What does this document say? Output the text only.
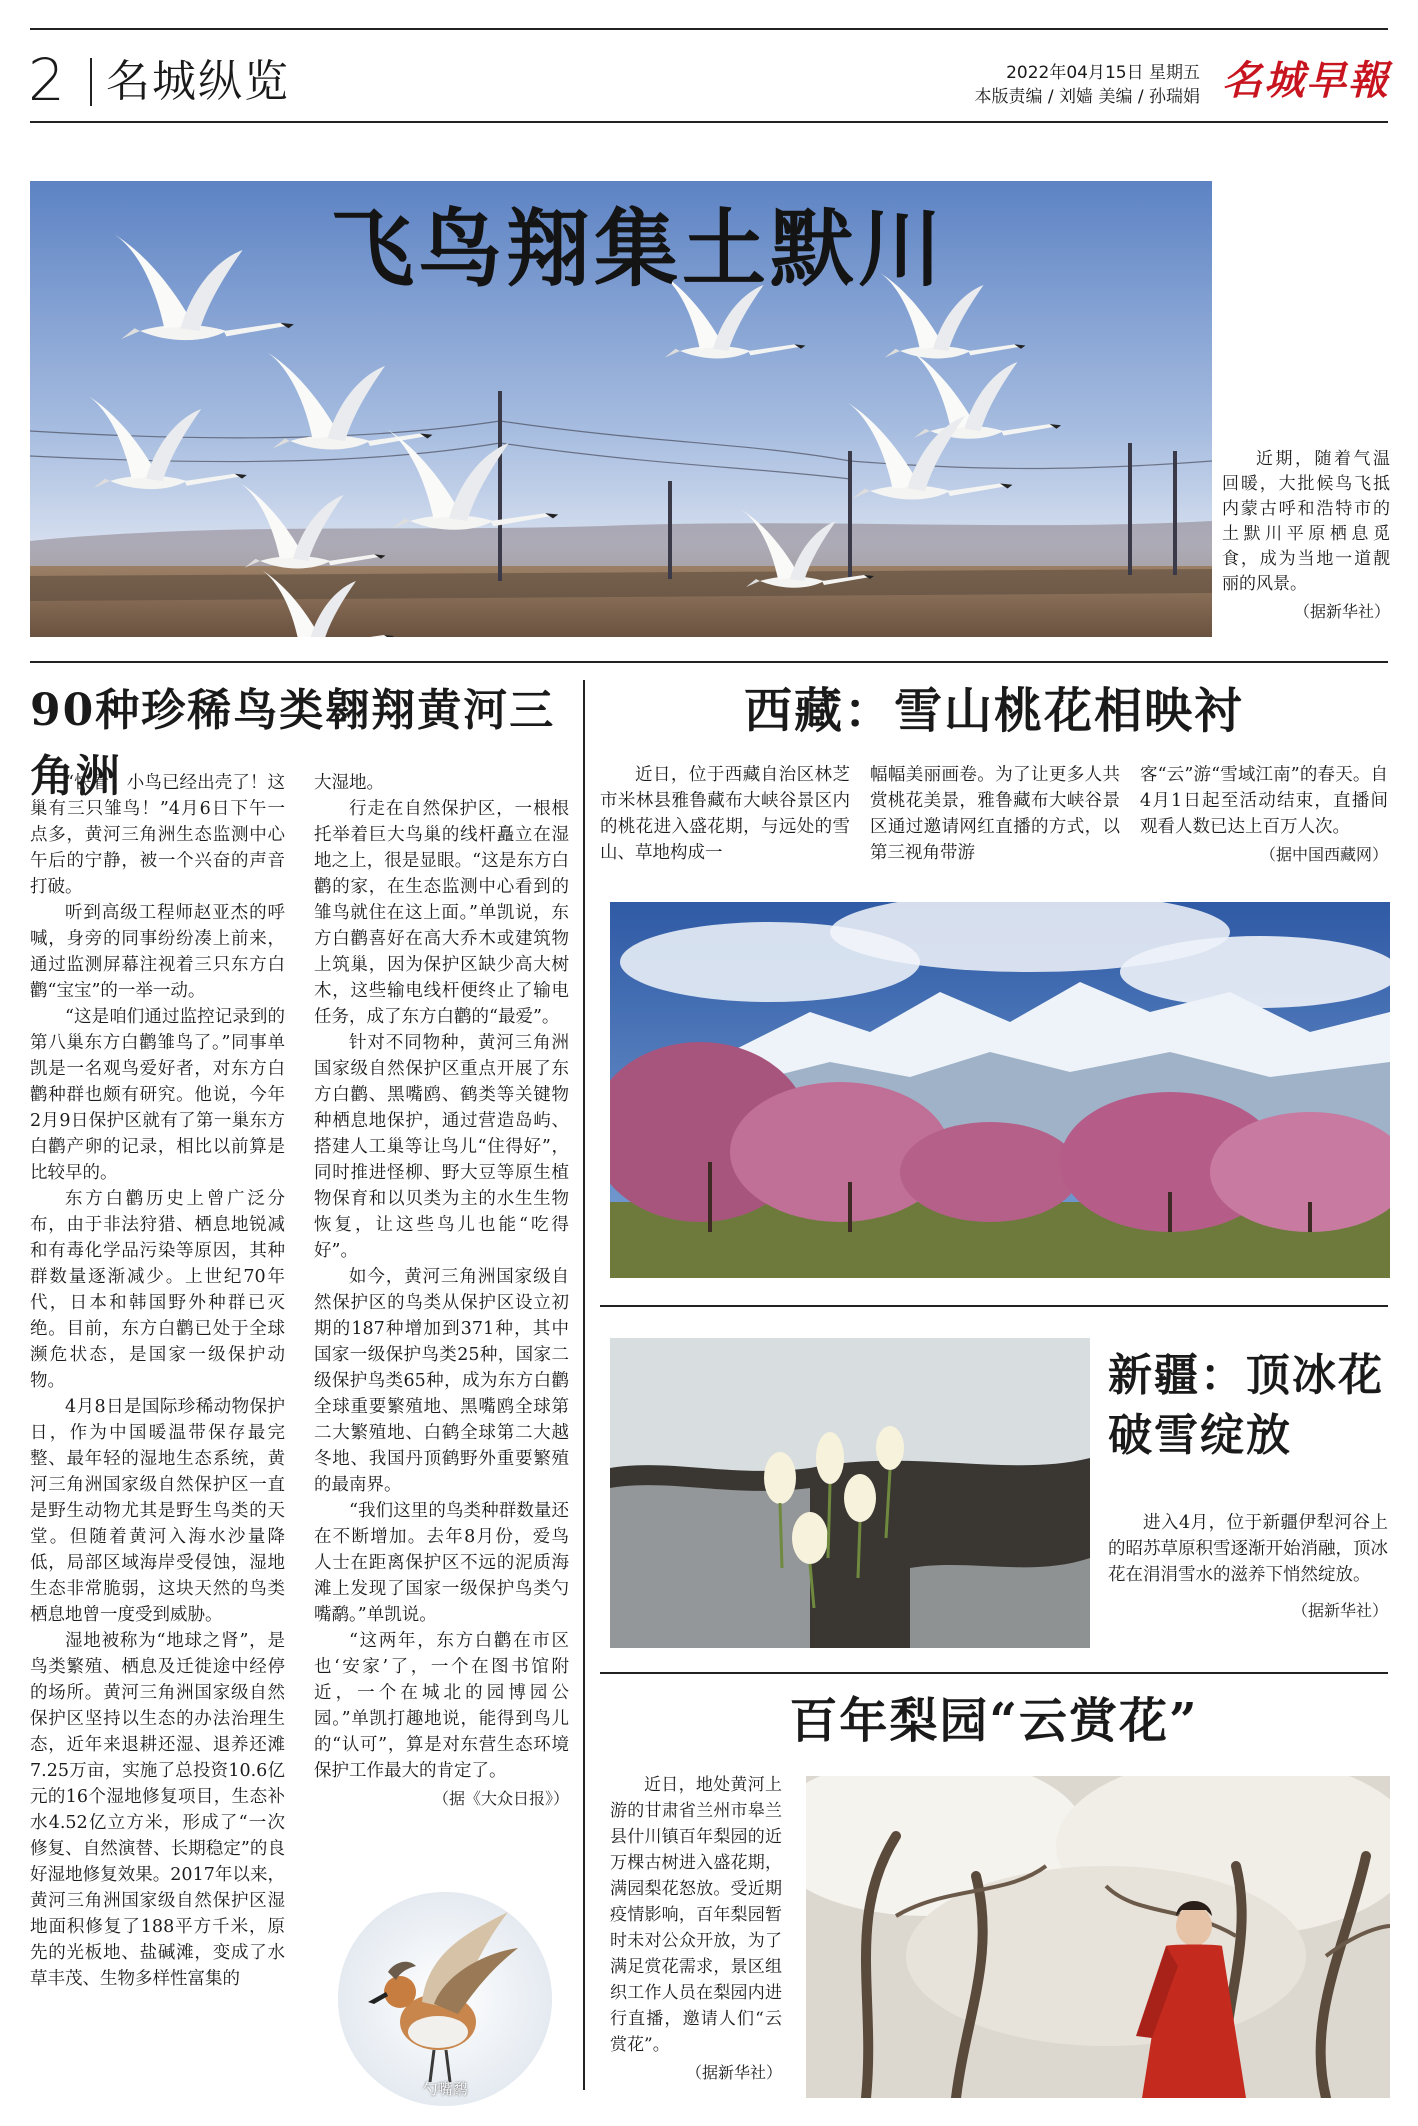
2 名城纵览	2022年04月15日 星期五
本版责编 / 刘嫱 美编 / 孙瑞娟 名城早報
飞鸟翔集土默川

近期，随着气温回暖，大批候鸟飞抵内蒙古呼和浩特市的土默川平原栖息觅食，成为当地一道靓丽的风景。

（据新华社）
90种珍稀鸟类翱翔黄河三角洲

“快看！小鸟已经出壳了！这巢有三只雏鸟！”4月6日下午一点多，黄河三角洲生态监测中心午后的宁静，被一个兴奋的声音打破。

听到高级工程师赵亚杰的呼喊，身旁的同事纷纷凑上前来，通过监测屏幕注视着三只东方白鹳“宝宝”的一举一动。

“这是咱们通过监控记录到的第八巢东方白鹳雏鸟了。”同事单凯是一名观鸟爱好者，对东方白鹳种群也颇有研究。他说，今年2月9日保护区就有了第一巢东方白鹳产卵的记录，相比以前算是比较早的。

东方白鹳历史上曾广泛分布，由于非法狩猎、栖息地锐减和有毒化学品污染等原因，其种群数量逐渐减少。上世纪70年代，日本和韩国野外种群已灭绝。目前，东方白鹳已处于全球濒危状态，是国家一级保护动物。

4月8日是国际珍稀动物保护日，作为中国暖温带保存最完整、最年轻的湿地生态系统，黄河三角洲国家级自然保护区一直是野生动物尤其是野生鸟类的天堂。但随着黄河入海水沙量降低，局部区域海岸受侵蚀，湿地生态非常脆弱，这块天然的鸟类栖息地曾一度受到威胁。

湿地被称为“地球之肾”，是鸟类繁殖、栖息及迁徙途中经停的场所。黄河三角洲国家级自然保护区坚持以生态的办法治理生态，近年来退耕还湿、退养还滩7.25万亩，实施了总投资10.6亿元的16个湿地修复项目，生态补水4.52亿立方米，形成了“一次修复、自然演替、长期稳定”的良好湿地修复效果。2017年以来，黄河三角洲国家级自然保护区湿地面积修复了188平方千米，原先的光板地、盐碱滩，变成了水草丰茂、生物多样性富集的

大湿地。

行走在自然保护区，一根根托举着巨大鸟巢的线杆矗立在湿地之上，很是显眼。“这是东方白鹳的家，在生态监测中心看到的雏鸟就住在这上面。”单凯说，东方白鹳喜好在高大乔木或建筑物上筑巢，因为保护区缺少高大树木，这些输电线杆便终止了输电任务，成了东方白鹳的“最爱”。

针对不同物种，黄河三角洲国家级自然保护区重点开展了东方白鹳、黑嘴鸥、鹤类等关键物种栖息地保护，通过营造岛屿、搭建人工巢等让鸟儿“住得好”，同时推进怪柳、野大豆等原生植物保育和以贝类为主的水生生物恢复，让这些鸟儿也能“吃得好”。

如今，黄河三角洲国家级自然保护区的鸟类从保护区设立初期的187种增加到371种，其中国家一级保护鸟类25种，国家二级保护鸟类65种，成为东方白鹳全球重要繁殖地、黑嘴鸥全球第二大繁殖地、白鹤全球第二大越冬地、我国丹顶鹤野外重要繁殖的最南界。

“我们这里的鸟类种群数量还在不断增加。去年8月份，爱鸟人士在距离保护区不远的泥质海滩上发现了国家一级保护鸟类勺嘴鹬。”单凯说。

“这两年，东方白鹳在市区也‘安家’了，一个在图书馆附近，一个在城北的园博园公园。”单凯打趣地说，能得到鸟儿的“认可”，算是对东营生态环境保护工作最大的肯定了。

（据《大众日报》）
勺嘴鹬
西藏：雪山桃花相映衬

近日，位于西藏自治区林芝市米林县雅鲁藏布大峡谷景区内的桃花进入盛花期，与远处的雪山、草地构成一

幅幅美丽画卷。为了让更多人共赏桃花美景，雅鲁藏布大峡谷景区通过邀请网红直播的方式，以第三视角带游

客“云”游“雪域江南”的春天。自4月1日起至活动结束，直播间观看人数已达上百万人次。

（据中国西藏网）
新疆：顶冰花
破雪绽放

进入4月，位于新疆伊犁河谷上的昭苏草原积雪逐渐开始消融，顶冰花在涓涓雪水的滋养下悄然绽放。

（据新华社）
百年梨园“云赏花”

近日，地处黄河上游的甘肃省兰州市皋兰县什川镇百年梨园的近万棵古树进入盛花期，满园梨花怒放。受近期疫情影响，百年梨园暂时未对公众开放，为了满足赏花需求，景区组织工作人员在梨园内进行直播，邀请人们“云赏花”。

（据新华社）
